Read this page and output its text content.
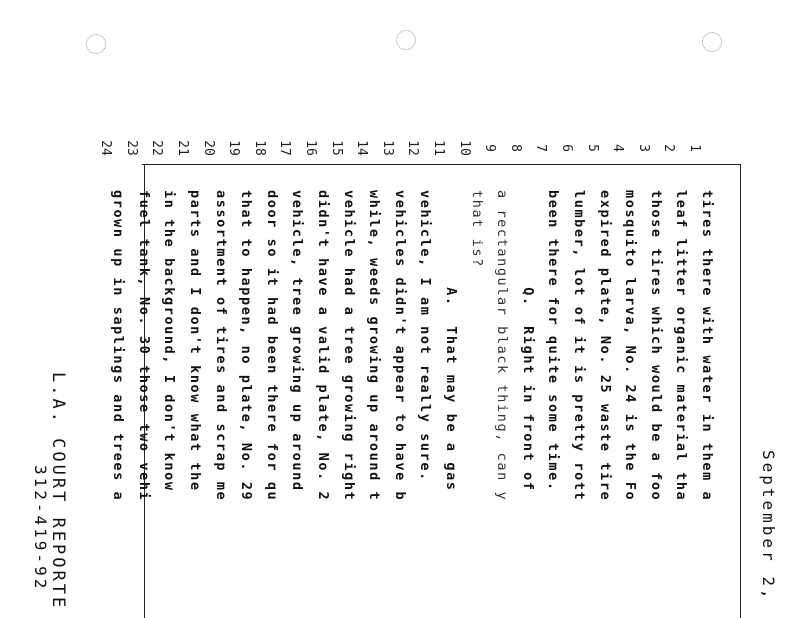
1
2
3
4
5
6
7
8
9
10
11
12
13
14
15
16
17
18
19
20
21
22
23
24
tires there with water in them a
leaf litter organic material tha
those tires which would be a foo
mosquito larva, No. 24 is the Fo
expired plate, No. 25 waste tire
lumber, lot of it is pretty rott
been there for quite some time.
Q.  Right in front of
a rectangular black thing, can y
that is?
A.  That may be a gas
vehicle, I am not really sure.
vehicles didn't appear to have b
while, weeds growing up around t
vehicle had a tree growing right
didn't have a valid plate, No. 2
vehicle, tree growing up around
door so it had been there for qu
that to happen, no plate, No. 29
assortment of tires and scrap me
parts and I don't know what the
in the background, I don't know
fuel tank, No. 30 those two vehi
grown up in saplings and trees a
September 2,
L.A. COURT REPORTE
312-419-92
